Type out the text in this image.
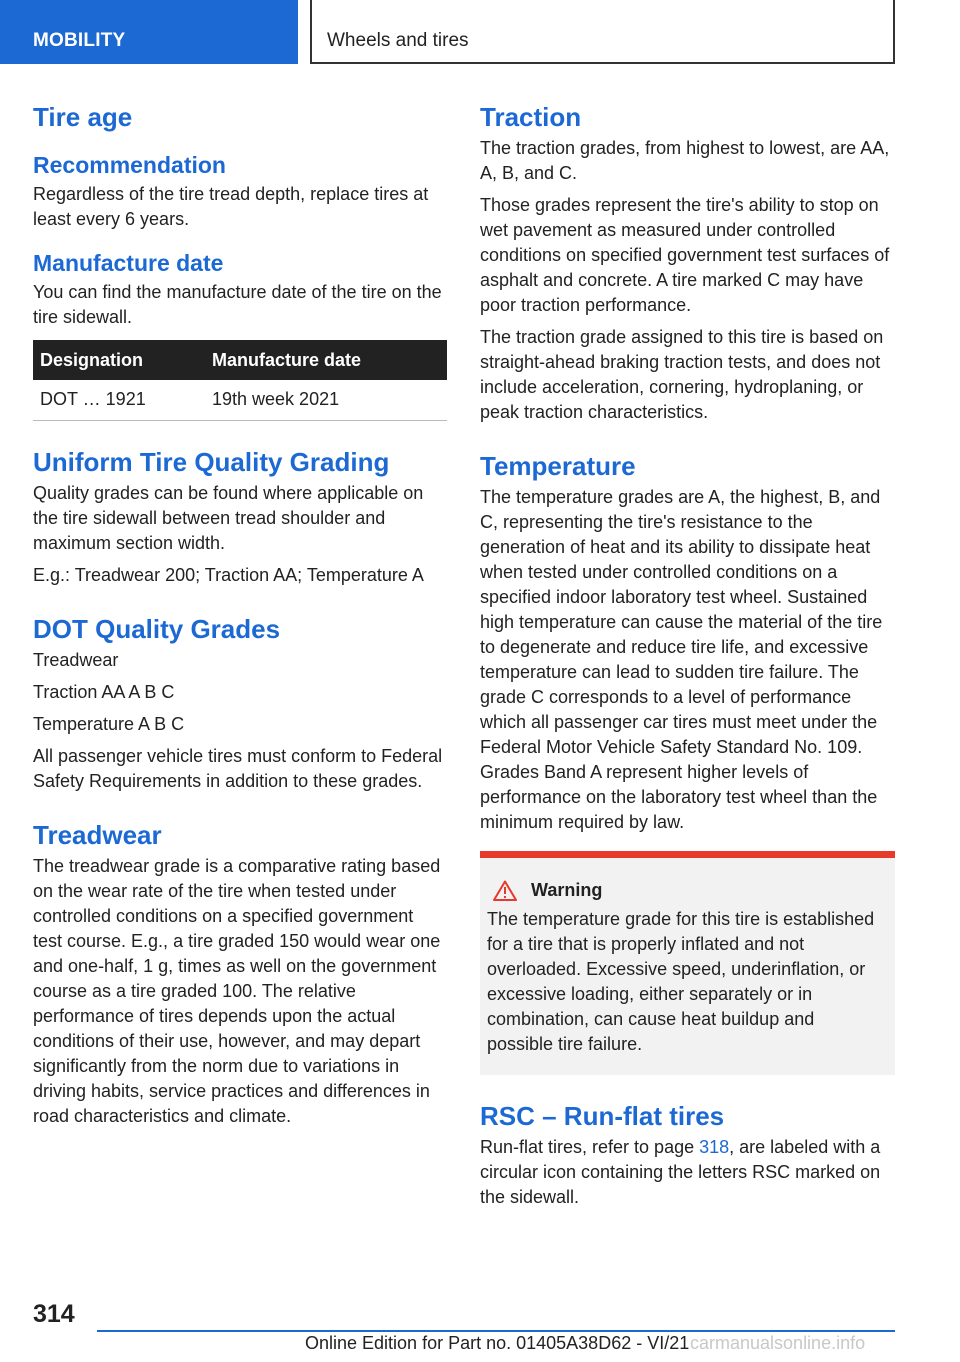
MOBILITY	Wheels and tires
Tire age
Recommendation

Regardless of the tire tread depth, replace tires at least every 6 years.

Manufacture date

You can find the manufacture date of the tire on the tire sidewall.

Designation	Manufacture date
DOT … 1921	19th week 2021
Uniform Tire Quality Grading

Quality grades can be found where applicable on the tire sidewall between tread shoulder and maximum section width.

E.g.: Treadwear 200; Traction AA; Temperature A

DOT Quality Grades

Treadwear

Traction AA A B C

Temperature A B C

All passenger vehicle tires must conform to Federal Safety Requirements in addition to these grades.

Treadwear

The treadwear grade is a comparative rating based on the wear rate of the tire when tested under controlled conditions on a specified government test course. E.g., a tire graded 150 would wear one and one-half, 1 g, times as well on the government course as a tire graded 100. The relative performance of tires depends upon the actual conditions of their use, however, and may depart significantly from the norm due to variations in driving habits, service practices and differences in road characteristics and climate.

Traction

The traction grades, from highest to lowest, are AA, A, B, and C.

Those grades represent the tire's ability to stop on wet pavement as measured under controlled conditions on specified government test surfaces of asphalt and concrete. A tire marked C may have poor traction performance.

The traction grade assigned to this tire is based on straight-ahead braking traction tests, and does not include acceleration, cornering, hydroplaning, or peak traction characteristics.

Temperature

The temperature grades are A, the highest, B, and C, representing the tire's resistance to the generation of heat and its ability to dissipate heat when tested under controlled conditions on a specified indoor laboratory test wheel. Sustained high temperature can cause the material of the tire to degenerate and reduce tire life, and excessive temperature can lead to sudden tire failure. The grade C corresponds to a level of performance which all passenger car tires must meet under the Federal Motor Vehicle Safety Standard No. 109. Grades Band A represent higher levels of performance on the laboratory test wheel than the minimum required by law.

Warning

The temperature grade for this tire is established for a tire that is properly inflated and not overloaded. Excessive speed, underinflation, or excessive loading, either separately or in combination, can cause heat buildup and possible tire failure.

RSC – Run-flat tires

Run-flat tires, refer to page 318, are labeled with a circular icon containing the letters RSC marked on the sidewall.

314
Online Edition for Part no. 01405A38D62 - VI/21 carmanualsonline.info
